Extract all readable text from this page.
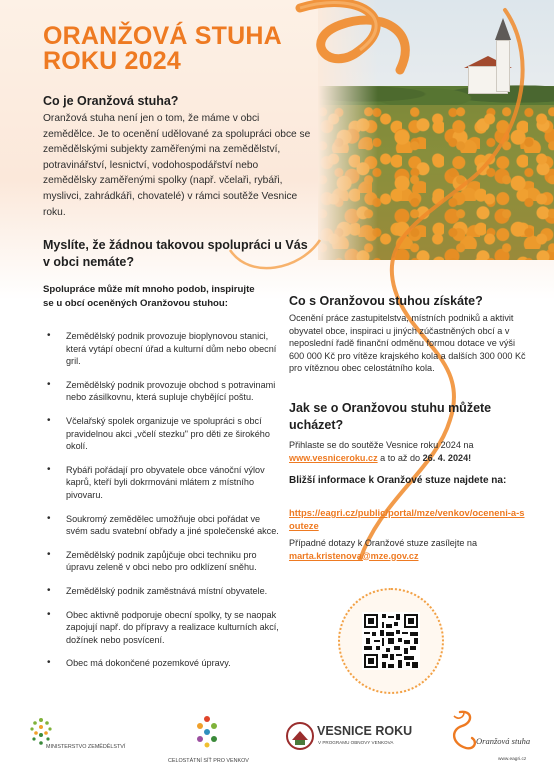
ORANŽOVÁ STUHA
ROKU 2024
Co je Oranžová stuha?
Oranžová stuha není jen o tom, že máme v obci zemědělce. Je to ocenění udělované za spolupráci obce se zemědělskými subjekty zaměřenými na zemědělství, potravinářství, lesnictví, vodohospodářství nebo zemědělsky zaměřenými spolky (např. včelaři, rybáři, myslivci, zahrádkáři, chovatelé) v rámci soutěže Vesnice roku.
Myslíte, že žádnou takovou spolupráci u Vás v obci nemáte?
Spolupráce může mít mnoho podob, inspirujte se u obcí oceněných Oranžovou stuhou:
• Zemědělský podnik provozuje bioplynovou stanici, která vytápí obecní úřad a kulturní dům nebo obecní gril.
• Zemědělský podnik provozuje obchod s potravinami nebo zásilkovnu, která supluje chybějící poštu.
• Včelařský spolek organizuje ve spolupráci s obcí pravidelnou akci „včelí stezku" pro děti ze širokého okolí.
• Rybáři pořádají pro obyvatele obce vánoční výlov kaprů, kteří byli dokrmováni mlátem z místního pivovaru.
• Soukromý zemědělec umožňuje obci pořádat ve svém sadu svatební obřady a jiné společenské akce.
• Zemědělský podnik zapůjčuje obci techniku pro úpravu zeleně v obci nebo pro odklízení sněhu.
• Zemědělský podnik zaměstnává místní obyvatele.
• Obec aktivně podporuje obecní spolky, ty se naopak zapojují např. do přípravy a realizace kulturních akcí, dožínek nebo posvícení.
• Obec má dokončené pozemkové úpravy.
Co s Oranžovou stuhou získáte?
Ocenění práce zastupitelstva, místních podniků a aktivit obyvatel obce, inspiraci u jiných zúčastněných obcí a v neposlední řadě finanční odměnu formou dotace ve výši 600 000 Kč pro vítěze krajského kola a dalších 300 000 Kč pro vítěznou obec celostátního kola.
Jak se o Oranžovou stuhu můžete ucházet?
Přihlaste se do soutěže Vesnice roku 2024 na www.vesniceroku.cz a to až do 26. 4. 2024!
Bližší informace k Oranžové stuze najdete na:
https://eagri.cz/public/portal/mze/venkov/oceneni-a-souteze
Případné dotazy k Oranžové stuze zasílejte na marta.kristenova@mze.gov.cz
MINISTERSTVO ZEMĚDĚLSTVÍ
CELOSTÁTNÍ SÍŤ PRO VENKOV
VESNICE ROKU
V PROGRAMU OBNOVY VENKOVA	Oranžová stuha
www.eagri.cz
